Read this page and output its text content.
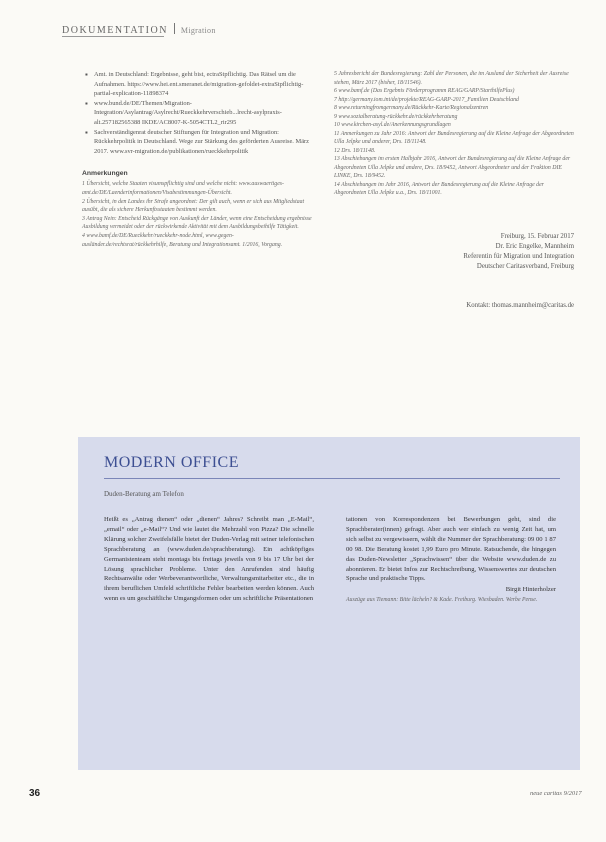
DOKUMENTATION Migration
▪ Amt. in Deutschland: Ergebnisse, geht bist, ectraStpflichtig. Das Rätsel um die Aufnahmen. https://www.hei.ent.smeranet.de/migration-gefoldet-extraStpflichtig-partial-explication-11898374
▪ www.bund.de/DE/Themen/Migration-Integration/Asylantrag/Asylrecht/Rueckkehrverschieb...lrecht-asylpraxis-alt.257182565388 IKDE/AC8007-K-5054CTL2_rir295
▪ Sachverständigenrat deutscher Stiftungen für Integration und Migration: Rückkehrpolitik in Deutschland. Wege zur Stärkung des geförderten Ausreise. März 2017. www.svr-migration.de/publikationen/rueckkehrpolitik
Anmerkungen
1 Übersicht, welche Staaten visumspflichtig sind und welche nicht: www.auswaertiges-amt.de/DE/Laenderinformationen/Visabestimmungen-Übersicht.
2 Übersicht, in den Landes ihr Strafe angeordnet: Der gilt auch, wenn er sich aus Mitgliedstaat ausübt, die als sichere Herkunftsstaaten bestimmt werden.
3 Antrag Nein: Entscheid Rückgänge von Auskunft der Länder, wenn eine Entscheidung ergebnisse Ausbildung vermeidet oder der rückwirkende Aktivität mit dem Ausbildungsbeihilfe Tätigkeit.
4 www.bamf.de/DE/Rueckkehr/rueckkehr-node.html, www.gegen-ausländer.de/rechtsrat/rückkehrhilfe, Beratung und Integrationsamt. 1/2016, Vorgang.
5 Jahresbericht der Bundesregierung: Zahl der Personen, die im Ausland der Sicherheit der Ausreise stehen, März 2017 (bisher, 18/11546).
6 www.bamf.de (Das Ergebnis Förderprogramm REAG/GARP/StarthilfePlus)
7 http://germany.iom.int/de/projekte/REAG-GARP-2017_Familien Deutschland
8 www.returningfromgermany.de/Rückkehr-Karte/Regionalzentren
9 www.sozialberatung-rückkehr.de/rückkehrberatung
10 www.kirchen-asyl.de/Anerkennungsgrundlagen
11 Anmerkungen zu Jahr 2016: Antwort der Bundesregierung auf die Kleine Anfrage der Abgeordneten Ulla Jelpke und anderer, Drs. 18/11148.
12 Drs. 18/11148.
13 Abschiebungen im ersten Halbjahr 2016, Antwort der Bundesregierung auf die Kleine Anfrage der Abgeordneten Ulla Jelpke und andere, Drs. 18/9452, Antwort Abgeordneter und der Fraktion DIE LINKE, Drs. 18/9452.
14 Abschiebungen im Jahr 2016, Antwort der Bundesregierung auf die Kleine Anfrage der Abgeordneten Ulla Jelpke u.a., Drs. 18/11001.
Freiburg, 15. Februar 2017
Dr. Eric Engelke, Mannheim
Referentin für Migration und Integration
Deutscher Caritasverband, Freiburg
Kontakt: thomas.mannheim@caritas.de
MODERN OFFICE
Duden-Beratung am Telefon

Heißt es „Antrag dienen“ oder „dienen“ Jahres? Schreibt man „E-Mail“, „email“ oder „e-Mail“? Und wie lautet die Mehrzahl von Pizza? Die schnelle Klärung solcher Zweifelsfälle bietet der Duden-Verlag mit seiner telefonischen Sprachberatung an (www.duden.de/sprachberatung). Ein achtköpfiges Germanistenteam steht montags bis freitags jeweils von 9 bis 17 Uhr bei der Lösung sprachlicher Probleme. Unter den Anrufenden sind häufig Rechtsanwälte oder Werbeverantwortliche, Verwaltungsmitarbeiter etc., die in ihrem beruflichen Umfeld schriftliche Fehler bearbeiten werden können. Auch wenn es um geschäftliche Umgangsformen oder um schriftliche Präsentationen

tationen von Korrespondenzen bei Bewerbungen geht, sind die Sprachberater(innen) gefragt. Aber auch wer einfach zu wenig Zeit hat, um sich selbst zu vergewissern, wählt die Nummer der Sprachberatung: 09 00 1 87 00 98. Die Beratung kostet 1,99 Euro pro Minute. Ratsuchende, die hingegen das Duden-Newsletter „Sprachwissen“ über die Website www.duden.de zu abonnieren. Er bietet Infos zur Rechtschreibung, Wissenswertes zur deutschen Sprache und praktische Tipps.

Birgit Hinterholzer
Auszüge aus Tiemann: Bitte lächeln? & Kade. Freiburg. Wiesbaden. Werbe Pense.
36	neue caritas 9/2017
